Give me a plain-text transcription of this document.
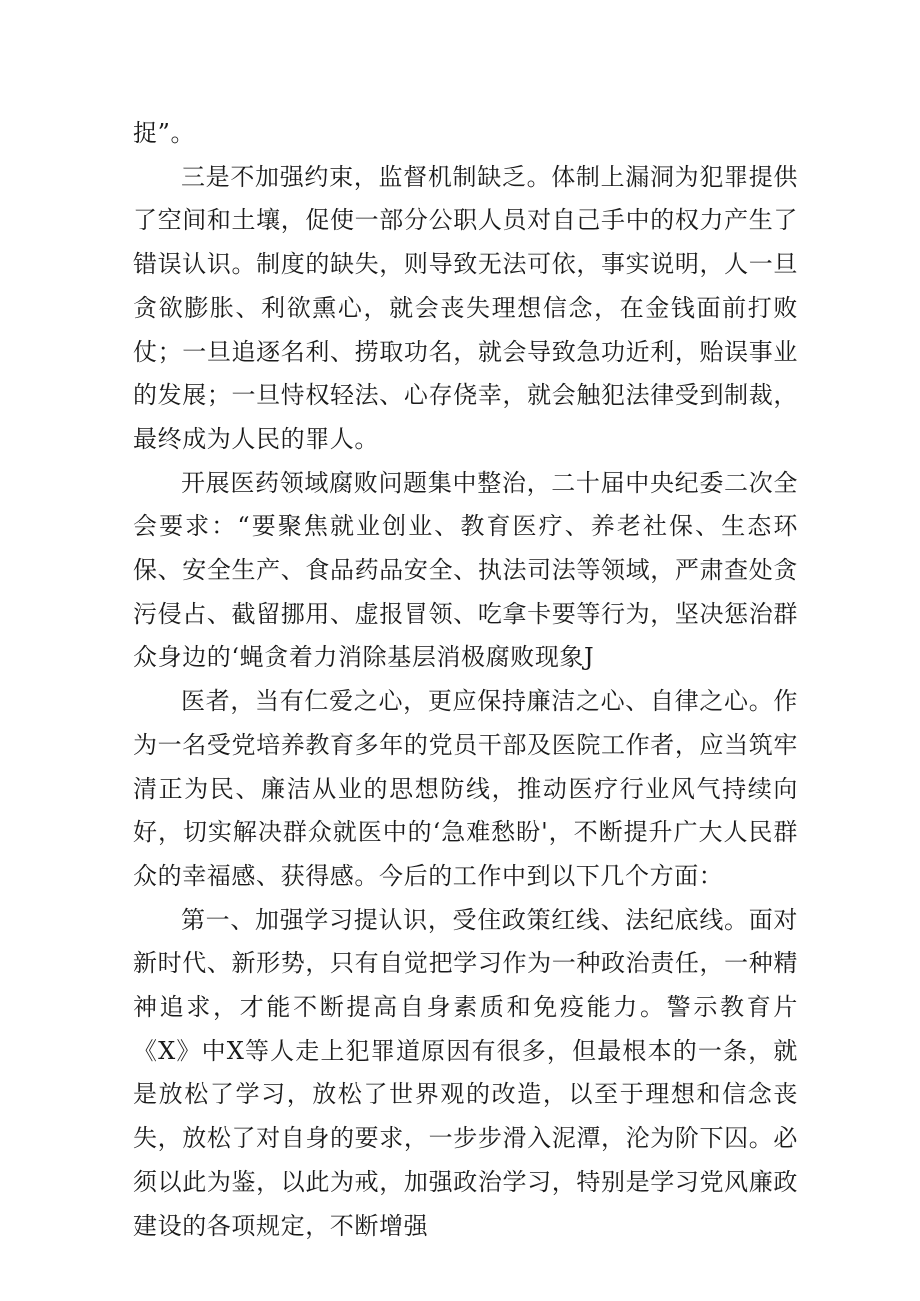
捉”。

三是不加强约束，监督机制缺乏。体制上漏洞为犯罪提供了空间和土壤，促使一部分公职人员对自己手中的权力产生了错误认识。制度的缺失，则导致无法可依，事实说明，人一旦贪欲膨胀、利欲熏心，就会丧失理想信念，在金钱面前打败仗；一旦追逐名利、捞取功名，就会导致急功近利，贻误事业的发展；一旦恃权轻法、心存侥幸，就会触犯法律受到制裁，最终成为人民的罪人。

开展医药领域腐败问题集中整治，二十届中央纪委二次全会要求：“要聚焦就业创业、教育医疗、养老社保、生态环保、安全生产、食品药品安全、执法司法等领域，严肃查处贪污侵占、截留挪用、虚报冒领、吃拿卡要等行为，坚决惩治群众身边的‘蝇贪着力消除基层消极腐败现象J

医者，当有仁爱之心，更应保持廉洁之心、自律之心。作为一名受党培养教育多年的党员干部及医院工作者，应当筑牢清正为民、廉洁从业的思想防线，推动医疗行业风气持续向好，切实解决群众就医中的‘急难愁盼'，不断提升广大人民群众的幸福感、获得感。今后的工作中到以下几个方面：

第一、加强学习提认识，受住政策红线、法纪底线。面对新时代、新形势，只有自觉把学习作为一种政治责任，一种精神追求，才能不断提高自身素质和免疫能力。警示教育片《X》中X等人走上犯罪道原因有很多，但最根本的一条，就是放松了学习，放松了世界观的改造，以至于理想和信念丧失，放松了对自身的要求，一步步滑入泥潭，沦为阶下囚。必须以此为鉴，以此为戒，加强政治学习，特别是学习党风廉政建设的各项规定，不断增强
